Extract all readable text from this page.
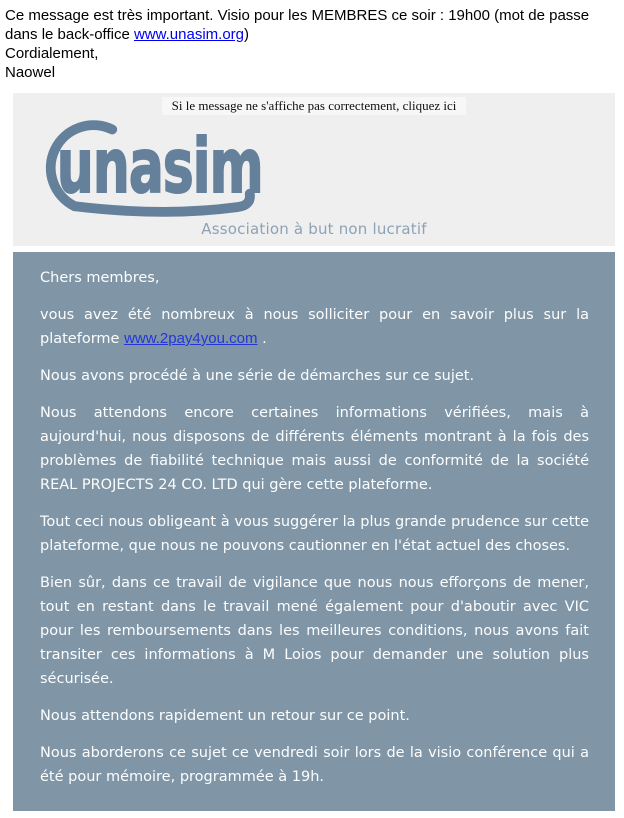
Ce message est très important. Visio pour les MEMBRES ce soir : 19h00 (mot de passe dans le back-office www.unasim.org)

Cordialement,

Naowel

Si le message ne s'affiche pas correctement, cliquez ici
unasim
Association à but non lucratif

Chers membres,

vous avez été nombreux à nous solliciter pour en savoir plus sur la plateforme www.2pay4you.com .

Nous avons procédé à une série de démarches sur ce sujet.

Nous attendons encore certaines informations vérifiées, mais à aujourd'hui, nous disposons de différents éléments montrant à la fois des problèmes de fiabilité technique mais aussi de conformité de la société REAL PROJECTS 24 CO. LTD qui gère cette plateforme.

Tout ceci nous obligeant à vous suggérer la plus grande prudence sur cette plateforme, que nous ne pouvons cautionner en l'état actuel des choses.

Bien sûr, dans ce travail de vigilance que nous nous efforçons de mener, tout en restant dans le travail mené également pour d'aboutir avec VIC pour les remboursements dans les meilleures conditions, nous avons fait transiter ces informations à M Loios pour demander une solution plus sécurisée.

Nous attendons rapidement un retour sur ce point.

Nous aborderons ce sujet ce vendredi soir lors de la visio conférence qui a été pour mémoire, programmée à 19h.
